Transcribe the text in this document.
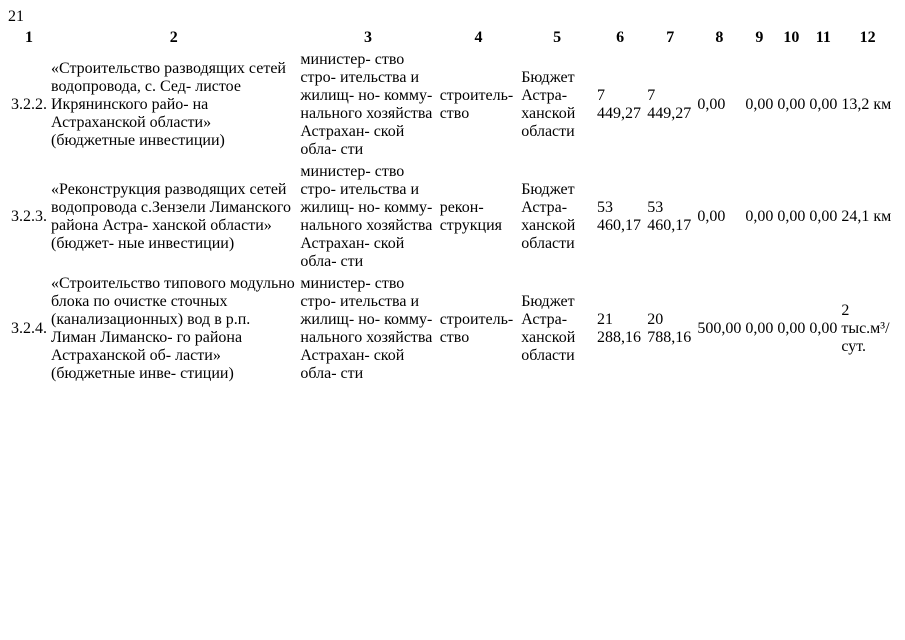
21
1	2	3	4	5	6	7	8	9	10	11	12
3.2.2.	«Строительство разводящих сетей водопровода, с. Сед- листое Икрянинского райо- на Астраханской области» (бюджетные инвестиции)	министер- ство стро- ительства и жилищ- но- комму- нального хозяйства Астрахан- ской обла- сти	строитель- ство	Бюджет Астра- ханской области	7 449,27	7 449,27	0,00	0,00	0,00	0,00	13,2 км
3.2.3.	«Реконструкция разводящих сетей водопровода с.Зензели Лиманского района Астра- ханской области» (бюджет- ные инвестиции)	министер- ство стро- ительства и жилищ- но- комму- нального хозяйства Астрахан- ской обла- сти	рекон- струкция	Бюджет Астра- ханской области	53 460,17	53 460,17	0,00	0,00	0,00	0,00	24,1 км
3.2.4.	«Строительство типового модульно блока по очистке сточных (канализационных) вод в р.п. Лиман Лиманско- го района Астраханской об- ласти» (бюджетные инве- стиции)	министер- ство стро- ительства и жилищ- но- комму- нального хозяйства Астрахан- ской обла- сти	строитель- ство	Бюджет Астра- ханской области	21 288,16	20 788,16	500,00	0,00	0,00	0,00	2 тыс.м³/ сут.
